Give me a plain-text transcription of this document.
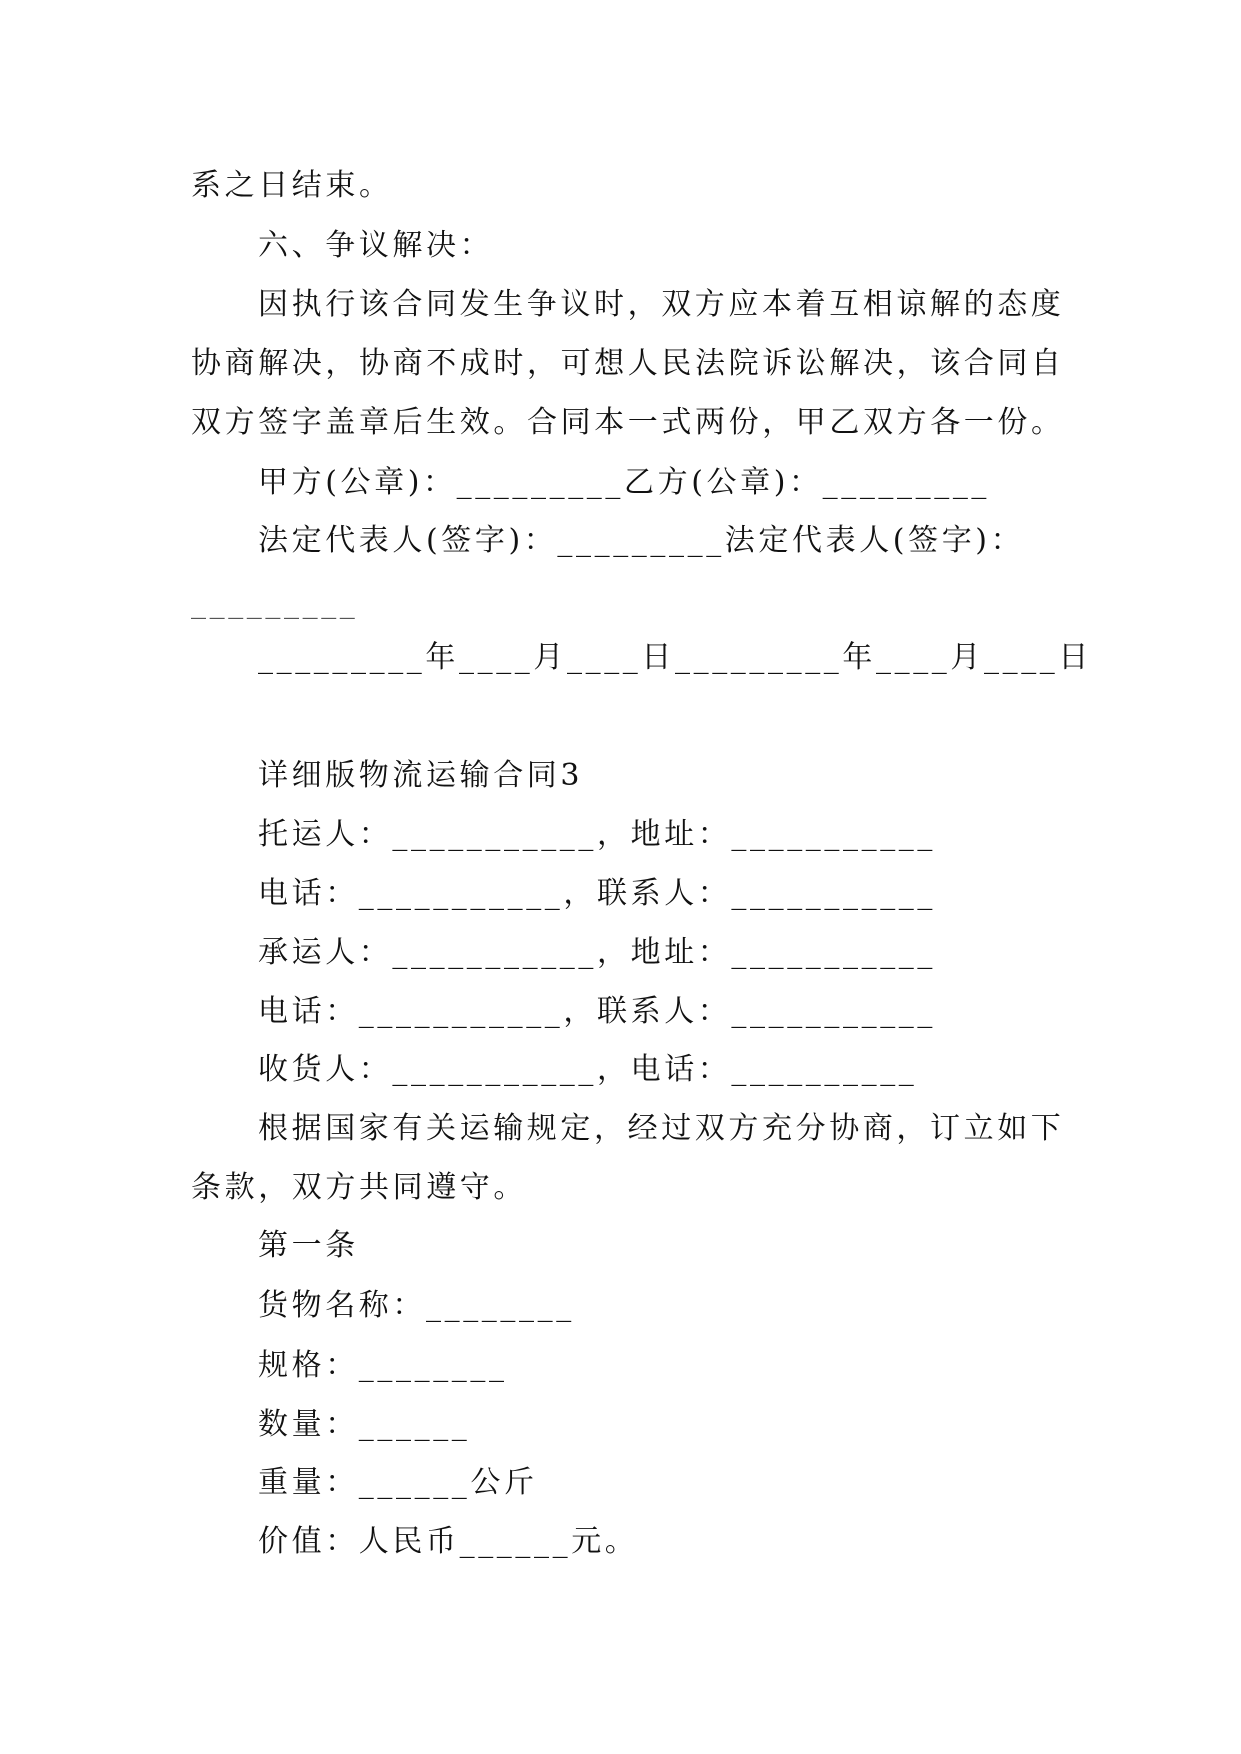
系之日结束。
六、争议解决：
因执行该合同发生争议时，双方应本着互相谅解的态度
协商解决，协商不成时，可想人民法院诉讼解决，该合同自
双方签字盖章后生效。合同本一式两份，甲乙双方各一份。
甲方(公章)：_________乙方(公章)：_________
法定代表人(签字)：_________法定代表人(签字)：
_________
_________年____月____日_________年____月____日
详细版物流运输合同3
托运人：___________，地址：___________
电话：___________，联系人：___________
承运人：___________，地址：___________
电话：___________，联系人：___________
收货人：___________，电话：__________
根据国家有关运输规定，经过双方充分协商，订立如下
条款，双方共同遵守。
第一条
货物名称：________
规格：________
数量：______
重量：______公斤
价值：人民币______元。
